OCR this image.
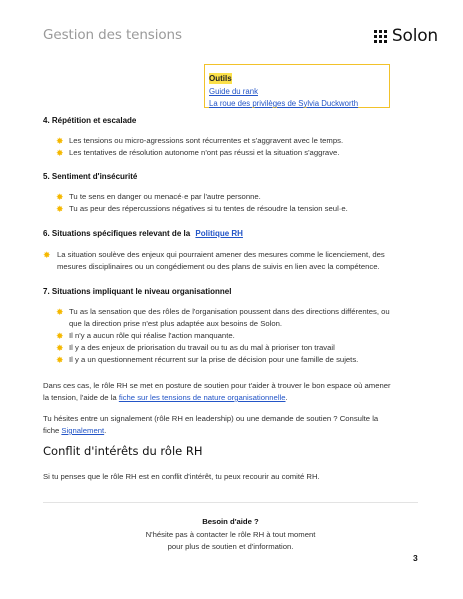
Gestion des tensions	Solon
Outils
Guide du rank
La roue des privilèges de Sylvia Duckworth
4. Répétition et escalade
✸ Les tensions ou micro-agressions sont récurrentes et s'aggravent avec le temps.
✸ Les tentatives de résolution autonome n'ont pas réussi et la situation s'aggrave.
5. Sentiment d'insécurité
✸ Tu te sens en danger ou menacé·e par l'autre personne.
✸ Tu as peur des répercussions négatives si tu tentes de résoudre la tension seul·e.
6. Situations spécifiques relevant de la Politique RH
✸ La situation soulève des enjeux qui pourraient amener des mesures comme le licenciement, des
mesures disciplinaires ou un congédiement ou des plans de suivis en lien avec la compétence.
7. Situations impliquant le niveau organisationnel
✸ Tu as la sensation que des rôles de l'organisation poussent dans des directions différentes, ou
que la direction prise n'est plus adaptée aux besoins de Solon.
✸ Il n'y a aucun rôle qui réalise l'action manquante.
✸ Il y a des enjeux de priorisation du travail ou tu as du mal à prioriser ton travail
✸ Il y a un questionnement récurrent sur la prise de décision pour une famille de sujets.
Dans ces cas, le rôle RH se met en posture de soutien pour t'aider à trouver le bon espace où amener
la tension, l'aide de la fiche sur les tensions de nature organisationnelle.
Tu hésites entre un signalement (rôle RH en leadership) ou une demande de soutien ? Consulte la
fiche Signalement.
Conflit d'intérêts du rôle RH
Si tu penses que le rôle RH est en conflit d'intérêt, tu peux recourir au comité RH.
Besoin d'aide ?
N'hésite pas à contacter le rôle RH à tout moment
pour plus de soutien et d'information.
3
